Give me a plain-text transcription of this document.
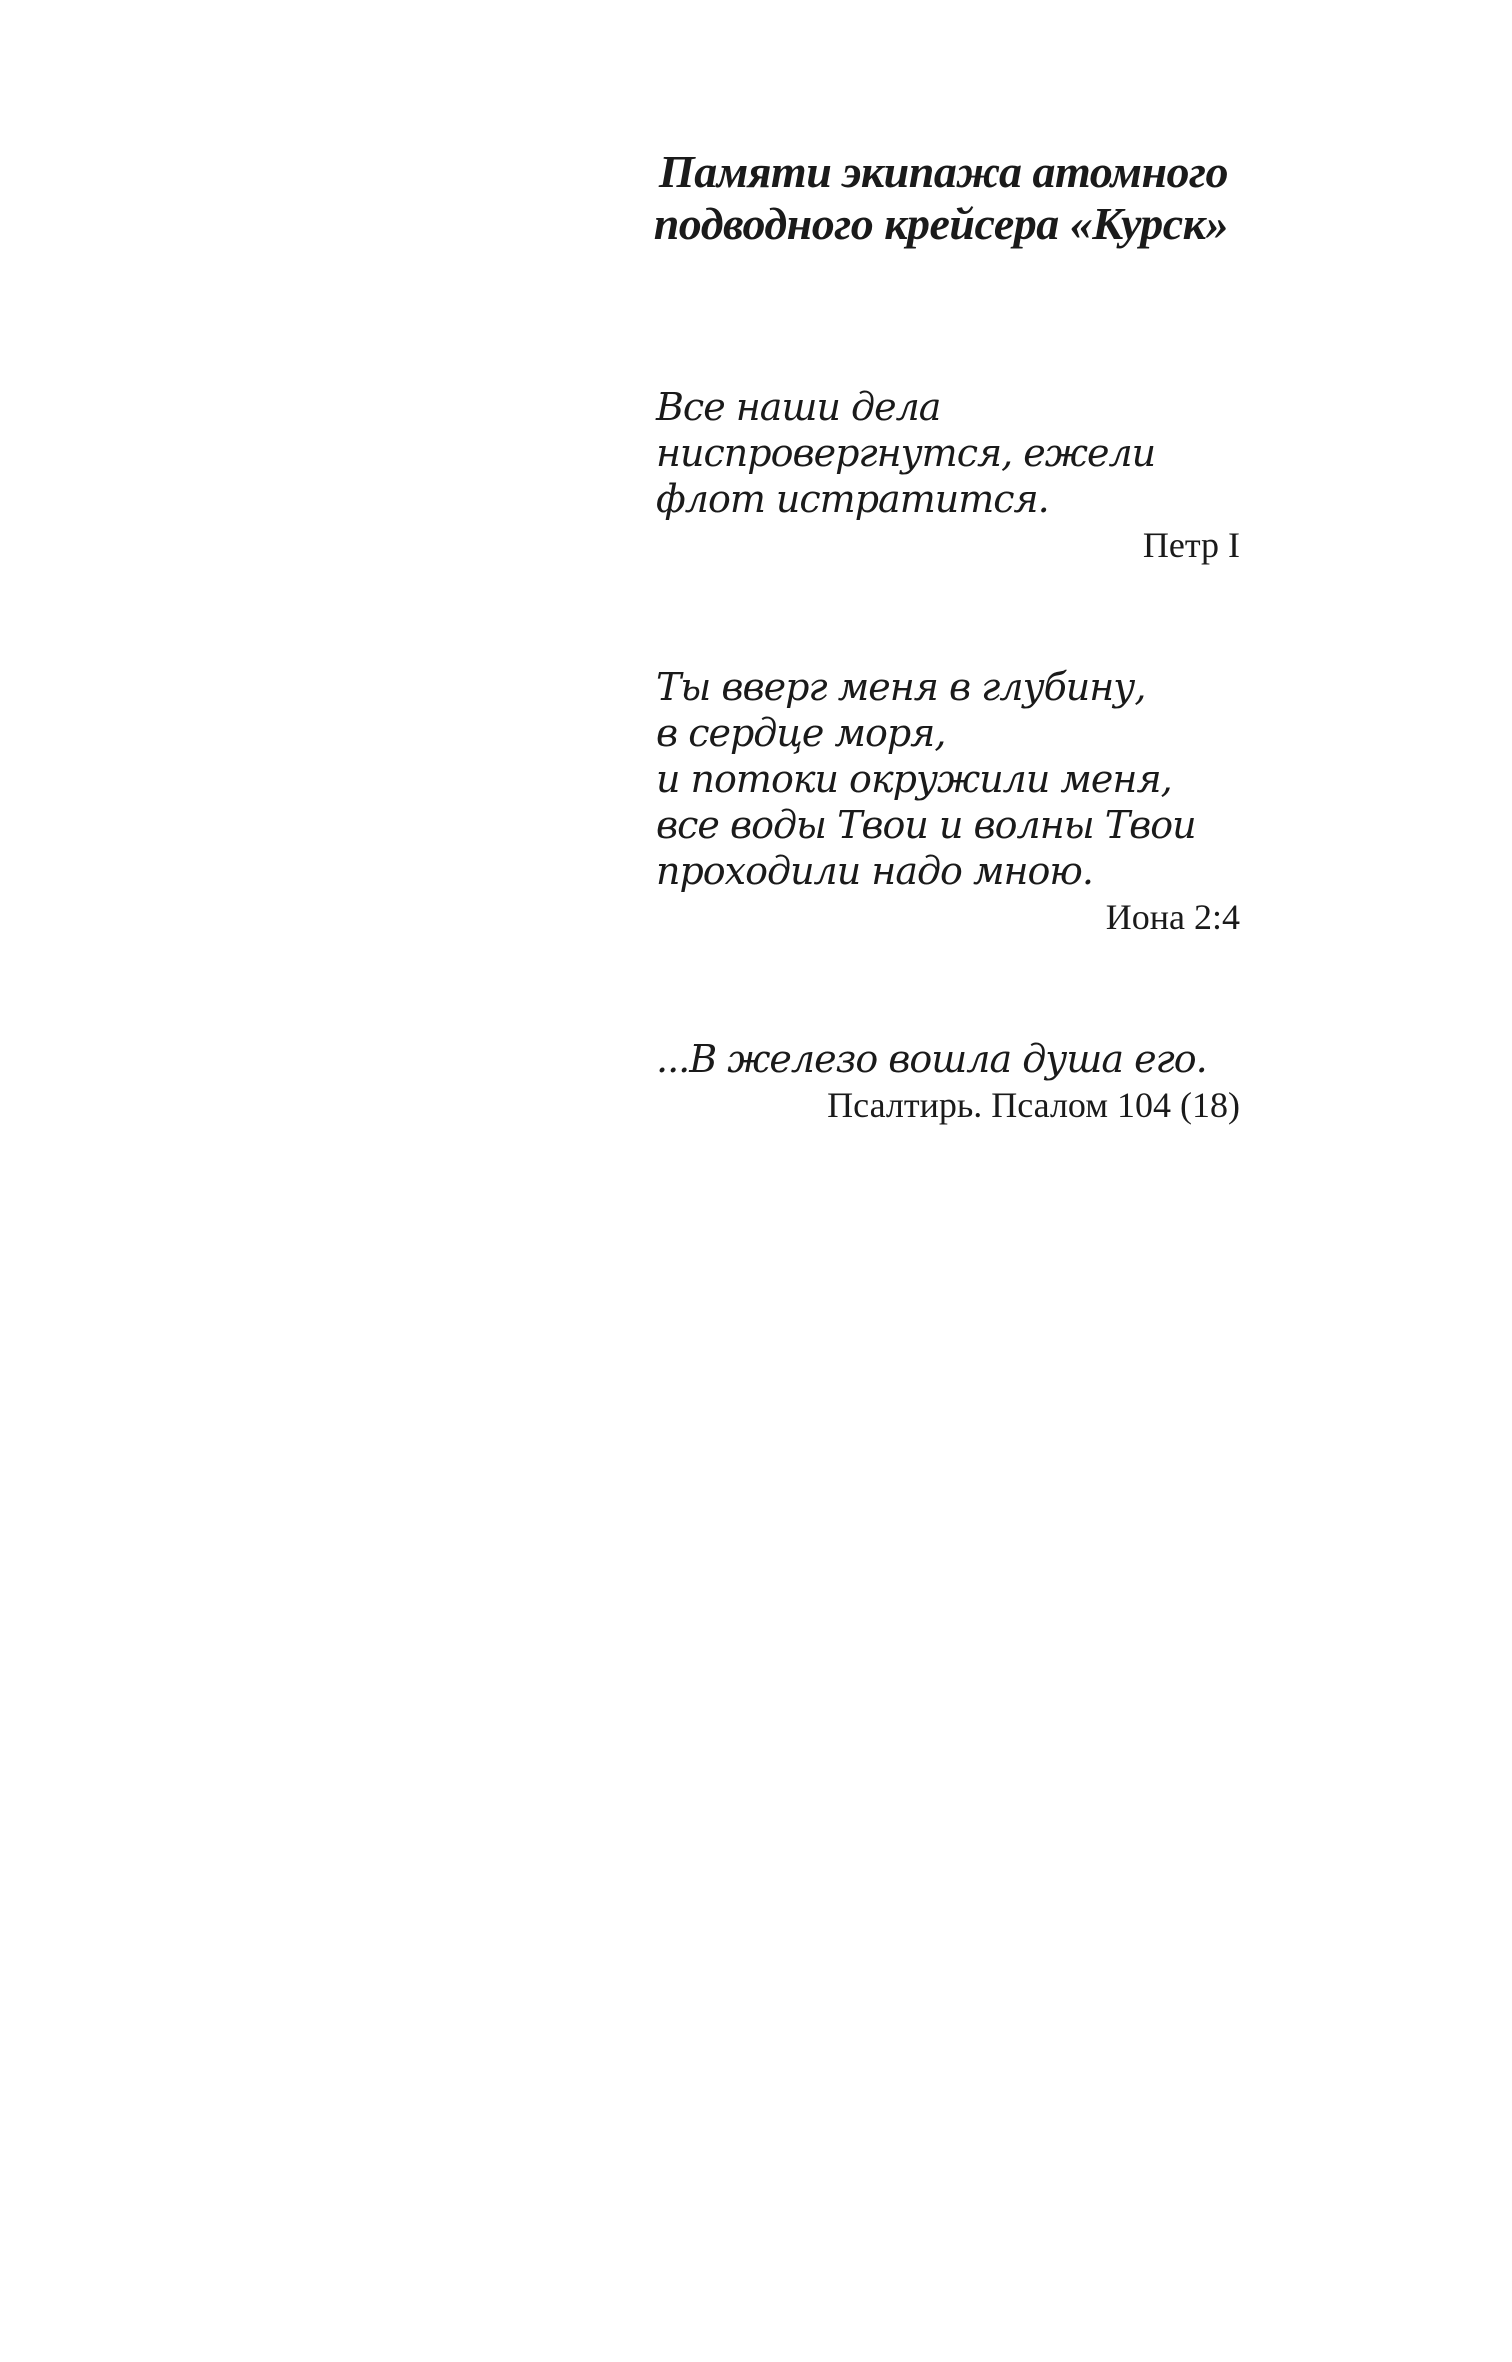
Памяти экипажа атомного
подводного крейсера «Курск»

Все наши дела
ниспровергнутся, ежели
флот истратится.

Петр I

Ты вверг меня в глубину,
в сердце моря,
и потоки окружили меня,
все воды Твои и волны Твои
проходили надо мною.

Иона 2:4

...В железо вошла душа его.

Псалтирь. Псалом 104 (18)
